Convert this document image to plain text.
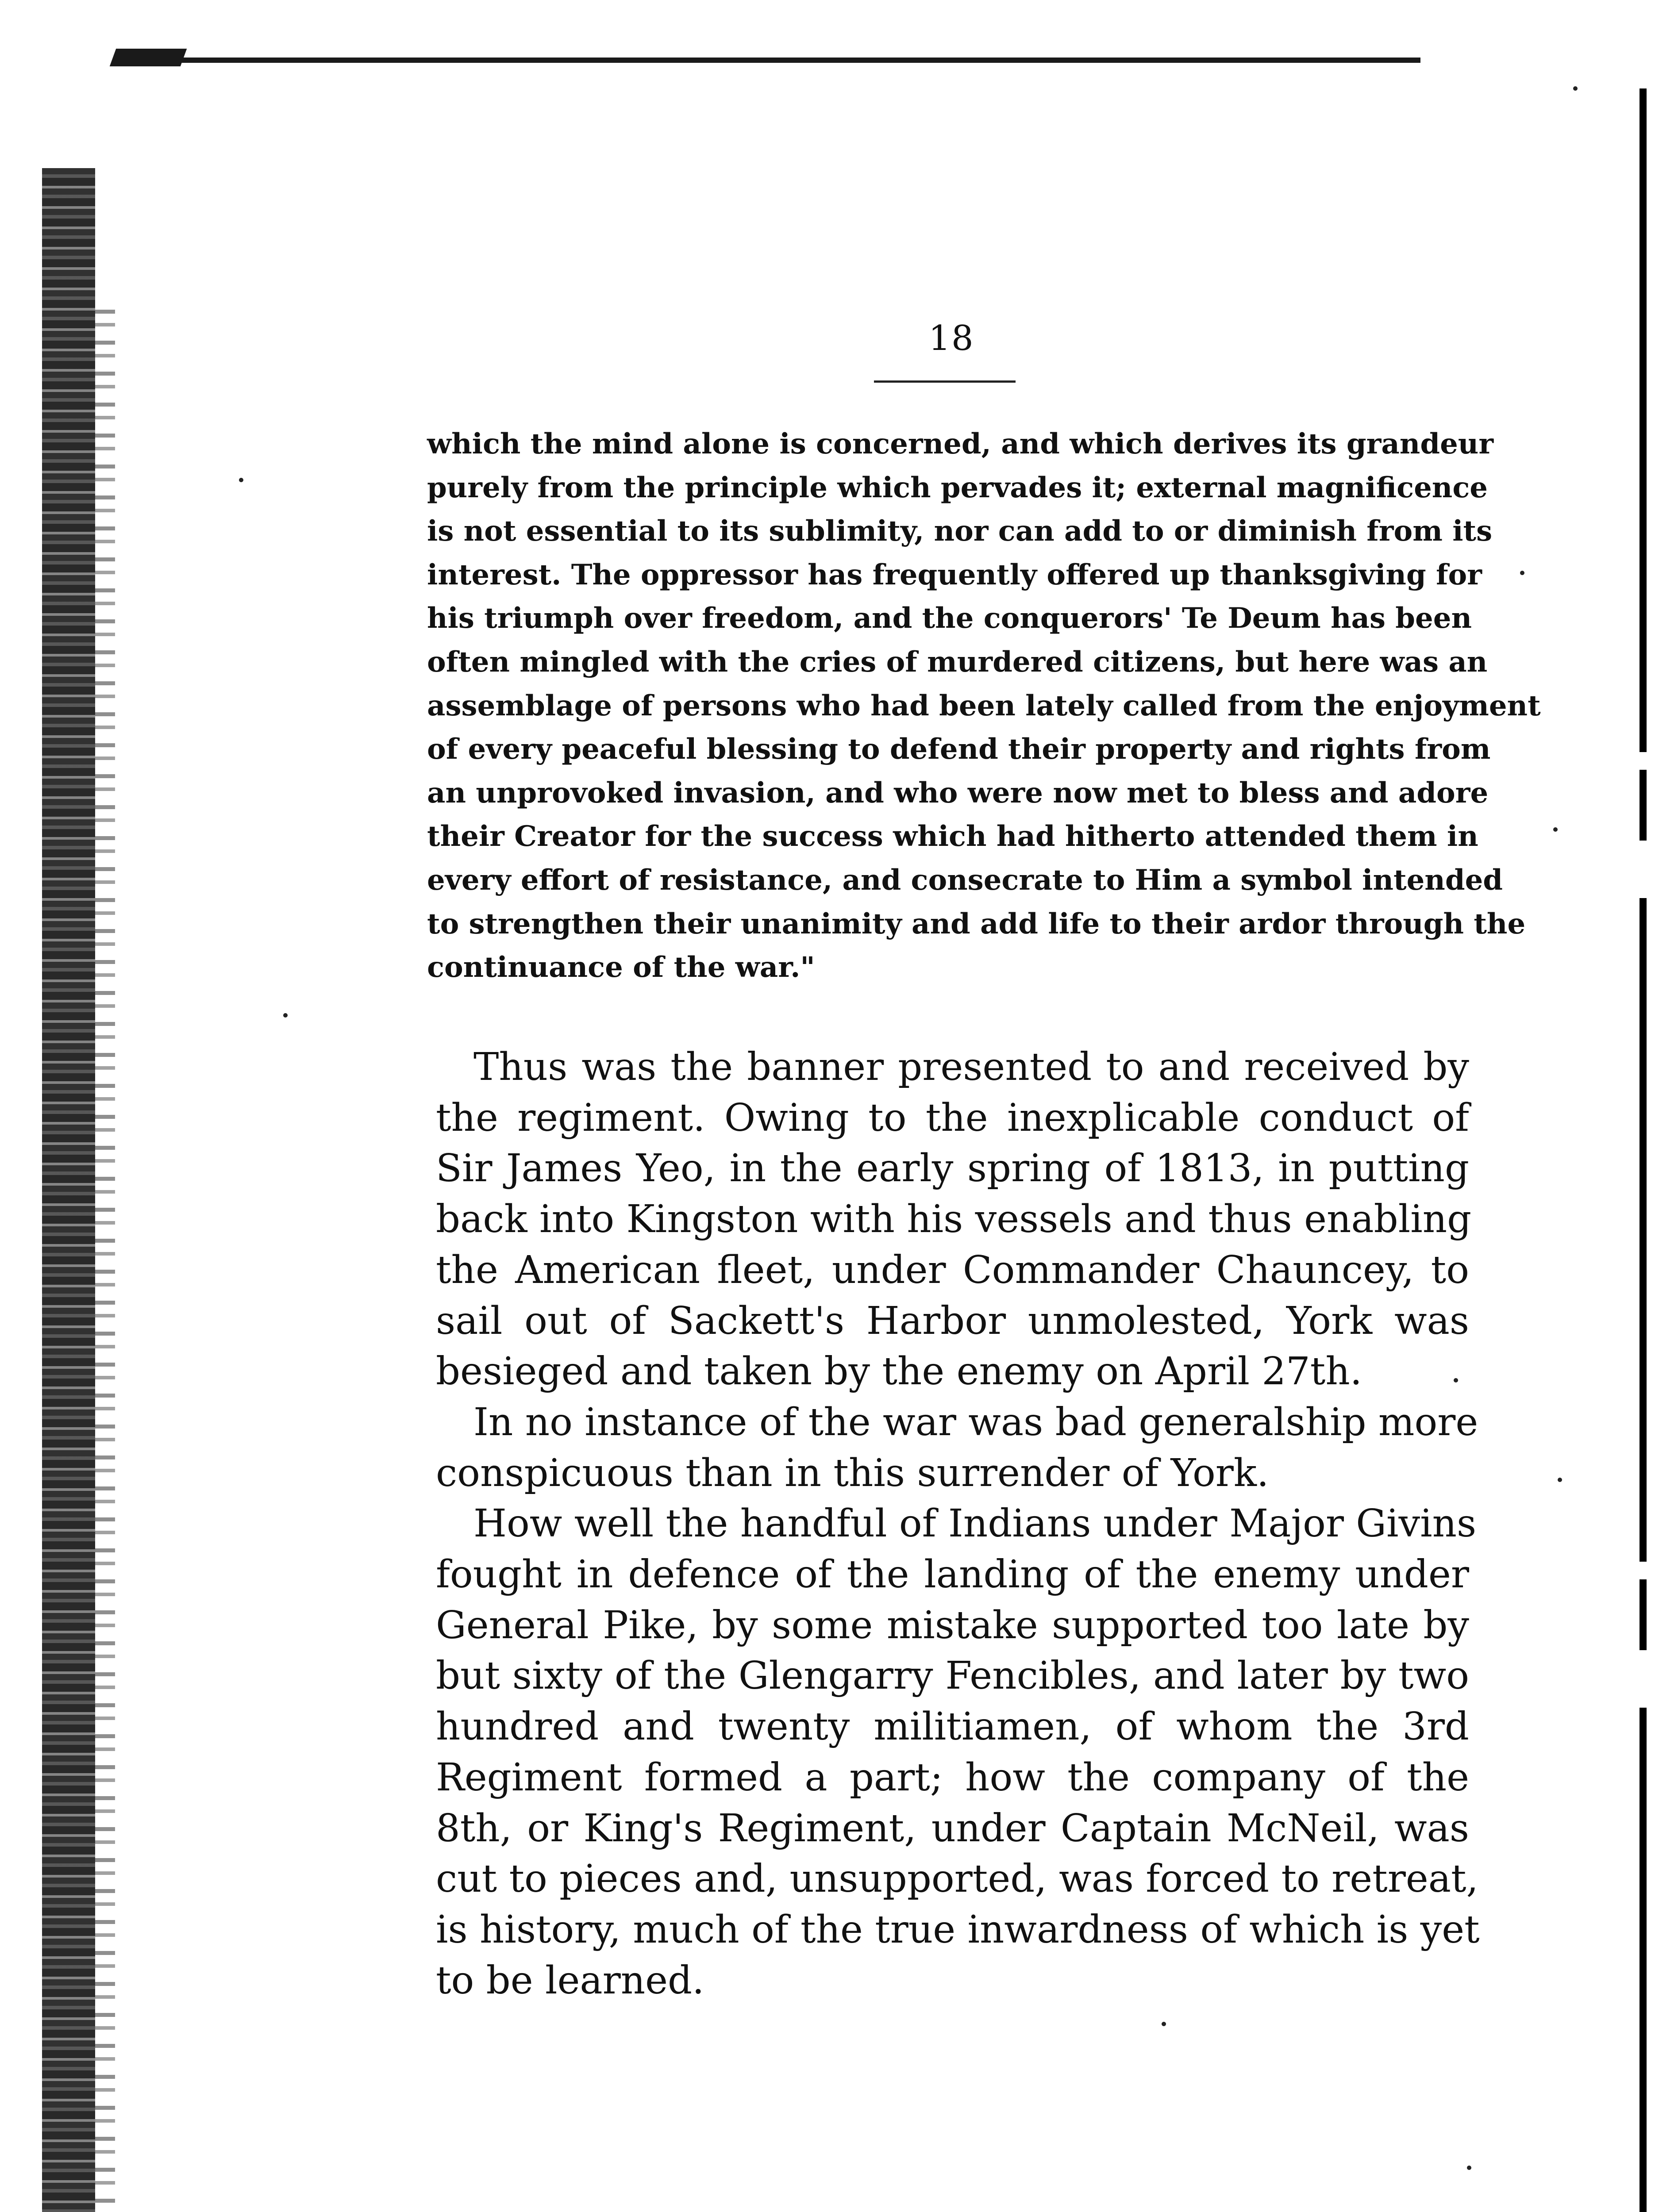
18
which the mind alone is concerned, and which derives its grandeur
purely from the principle which pervades it; external magnificence
is not essential to its sublimity, nor can add to or diminish from its
interest. The oppressor has frequently offered up thanksgiving for
his triumph over freedom, and the conquerors' Te Deum has been
often mingled with the cries of murdered citizens, but here was an
assemblage of persons who had been lately called from the enjoyment
of every peaceful blessing to defend their property and rights from
an unprovoked invasion, and who were now met to bless and adore
their Creator for the success which had hitherto attended them in
every effort of resistance, and consecrate to Him a symbol intended
to strengthen their unanimity and add life to their ardor through the
continuance of the war."
Thus was the banner presented to and received by
the regiment. Owing to the inexplicable conduct of
Sir James Yeo, in the early spring of 1813, in putting
back into Kingston with his vessels and thus enabling
the American fleet, under Commander Chauncey, to
sail out of Sackett's Harbor unmolested, York was
besieged and taken by the enemy on April 27th.
In no instance of the war was bad generalship more
conspicuous than in this surrender of York.
How well the handful of Indians under Major Givins
fought in defence of the landing of the enemy under
General Pike, by some mistake supported too late by
but sixty of the Glengarry Fencibles, and later by two
hundred and twenty militiamen, of whom the 3rd
Regiment formed a part; how the company of the
8th, or King's Regiment, under Captain McNeil, was
cut to pieces and, unsupported, was forced to retreat,
is history, much of the true inwardness of which is yet
to be learned.
